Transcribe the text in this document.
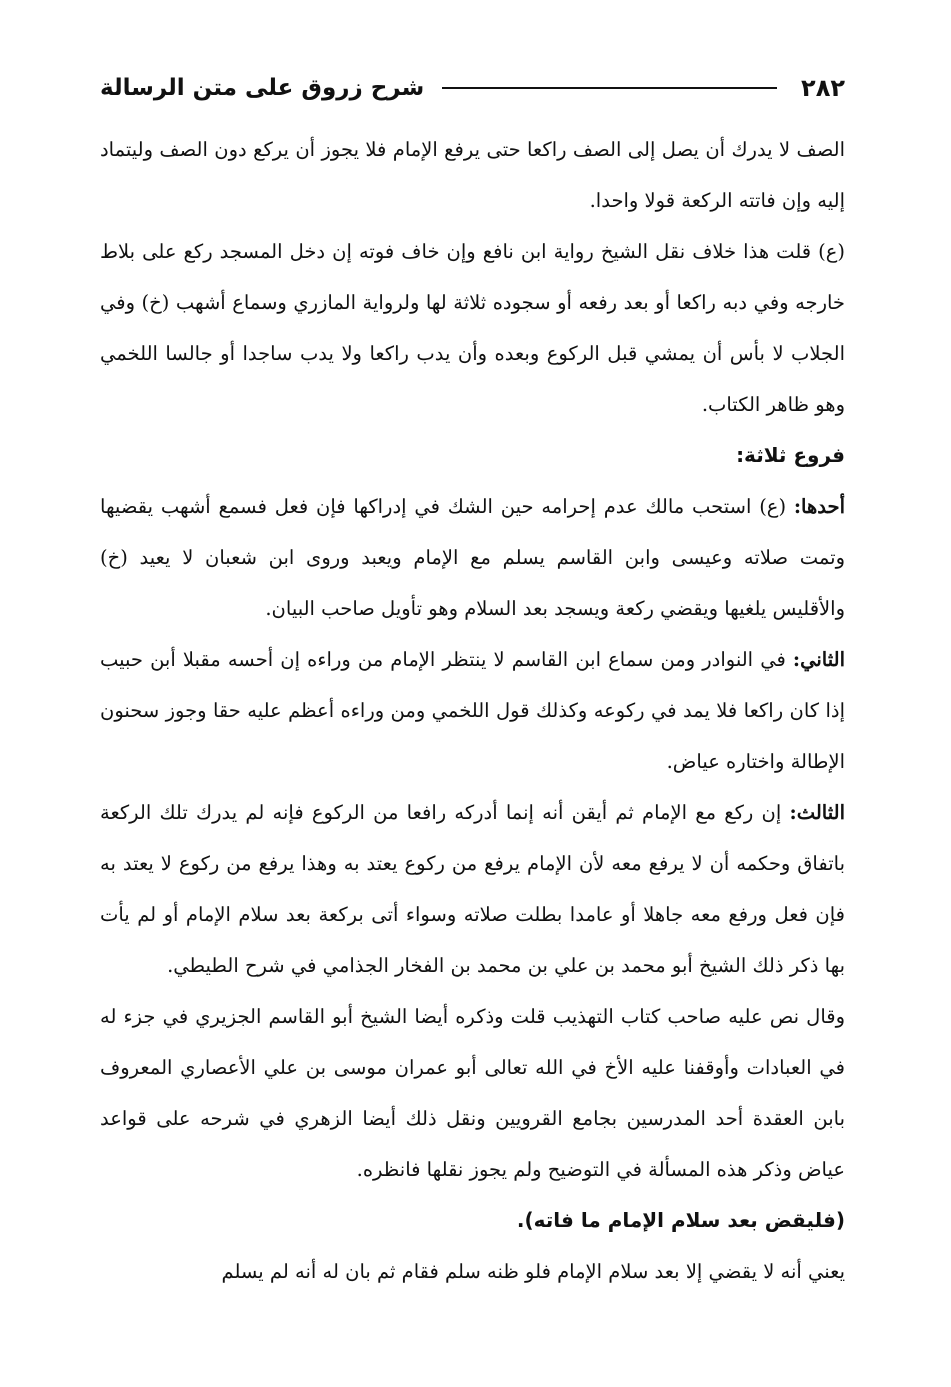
٢٨٢
شرح زروق على متن الرسالة

الصف لا يدرك أن يصل إلى الصف راكعا حتى يرفع الإمام فلا يجوز أن يركع دون الصف وليتماد إليه وإن فاتته الركعة قولا واحدا.

(ع) قلت هذا خلاف نقل الشيخ رواية ابن نافع وإن خاف فوته إن دخل المسجد ركع على بلاط خارجه وفي دبه راكعا أو بعد رفعه أو سجوده ثلاثة لها ولرواية المازري وسماع أشهب (خ) وفي الجلاب لا بأس أن يمشي قبل الركوع وبعده وأن يدب راكعا ولا يدب ساجدا أو جالسا اللخمي وهو ظاهر الكتاب.

فروع ثلاثة:

أحدها: (ع) استحب مالك عدم إحرامه حين الشك في إدراكها فإن فعل فسمع أشهب يقضيها وتمت صلاته وعيسى وابن القاسم يسلم مع الإمام ويعبد وروى ابن شعبان لا يعيد (خ) والأقليس يلغيها ويقضي ركعة ويسجد بعد السلام وهو تأويل صاحب البيان.

الثاني: في النوادر ومن سماع ابن القاسم لا ينتظر الإمام من وراءه إن أحسه مقبلا أبن حبيب إذا كان راكعا فلا يمد في ركوعه وكذلك قول اللخمي ومن وراءه أعظم عليه حقا وجوز سحنون الإطالة واختاره عياض.

الثالث: إن ركع مع الإمام ثم أيقن أنه إنما أدركه رافعا من الركوع فإنه لم يدرك تلك الركعة باتفاق وحكمه أن لا يرفع معه لأن الإمام يرفع من ركوع يعتد به وهذا يرفع من ركوع لا يعتد به فإن فعل ورفع معه جاهلا أو عامدا بطلت صلاته وسواء أتى بركعة بعد سلام الإمام أو لم يأت بها ذكر ذلك الشيخ أبو محمد بن علي بن محمد بن الفخار الجذامي في شرح الطيطي.

وقال نص عليه صاحب كتاب التهذيب قلت وذكره أيضا الشيخ أبو القاسم الجزيري في جزء له في العبادات وأوقفنا عليه الأخ في الله تعالى أبو عمران موسى بن علي الأعصاري المعروف بابن العقدة أحد المدرسين بجامع القرويين ونقل ذلك أيضا الزهري في شرحه على قواعد عياض وذكر هذه المسألة في التوضيح ولم يجوز نقلها فانظره.

(فليقض بعد سلام الإمام ما فاته).

يعني أنه لا يقضي إلا بعد سلام الإمام فلو ظنه سلم فقام ثم بان له أنه لم يسلم
